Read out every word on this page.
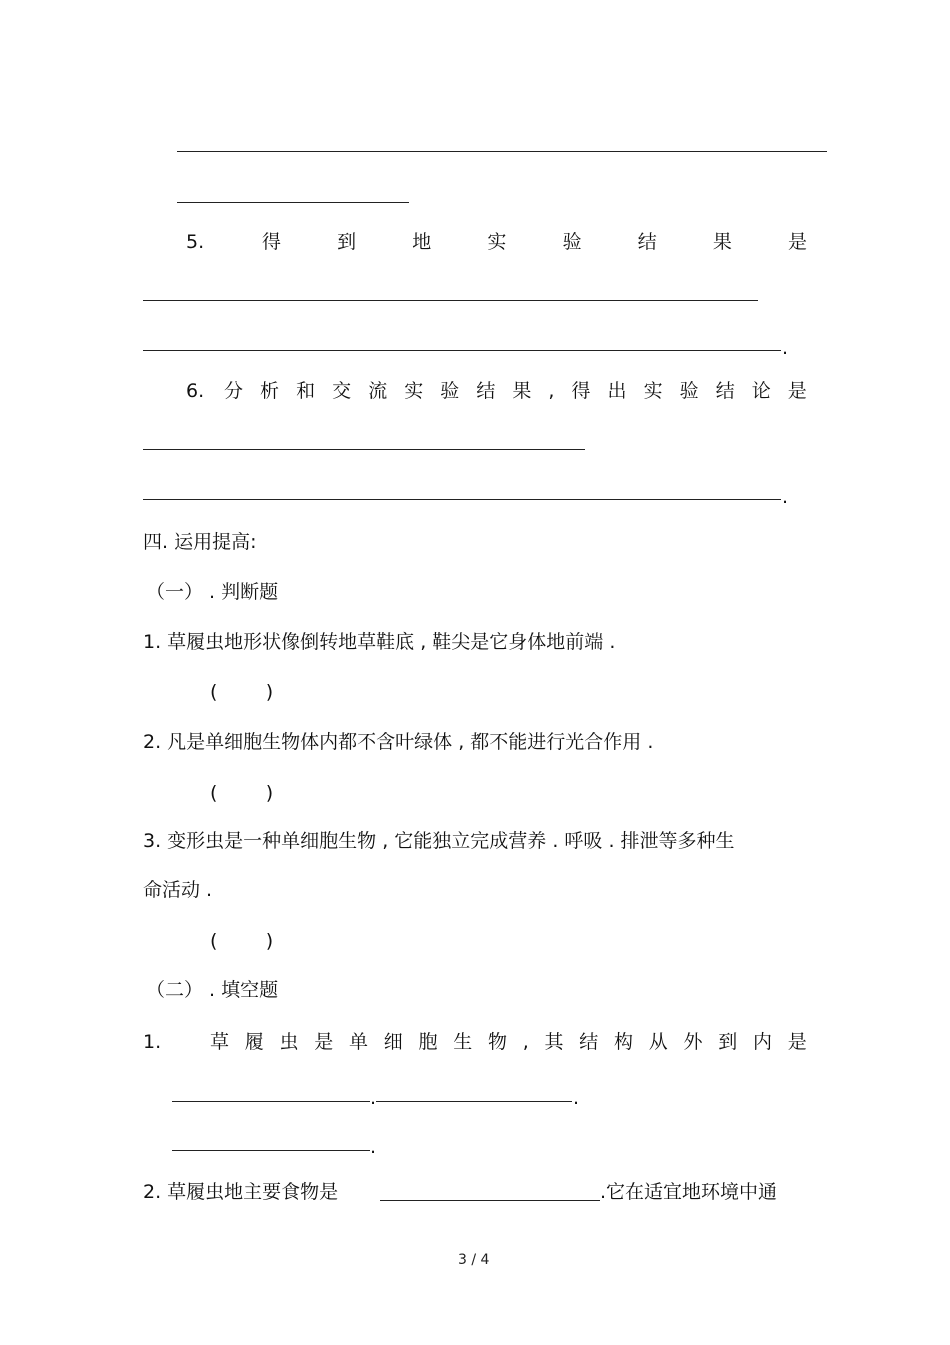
5.	得	到	地	实	验	结	果	是
.
6. 分 析 和 交 流 实 验 结 果 , 得 出 实 验 结 论 是
.
四. 运用提高:
（一） . 判断题
1. 草履虫地形状像倒转地草鞋底 , 鞋尖是它身体地前端 .
(        )
2. 凡是单细胞生物体内都不含叶绿体 , 都不能进行光合作用 .
(        )
3. 变形虫是一种单细胞生物 , 它能独立完成营养 . 呼吸 . 排泄等多种生
命活动 .
(        )
（二） . 填空题
1.	草 履 虫 是 单 细 胞 生 物 , 其 结 构 从 外 到 内 是
.	.
.
2. 草履虫地主要食物是	.它在适宜地环境中通
3 / 4
